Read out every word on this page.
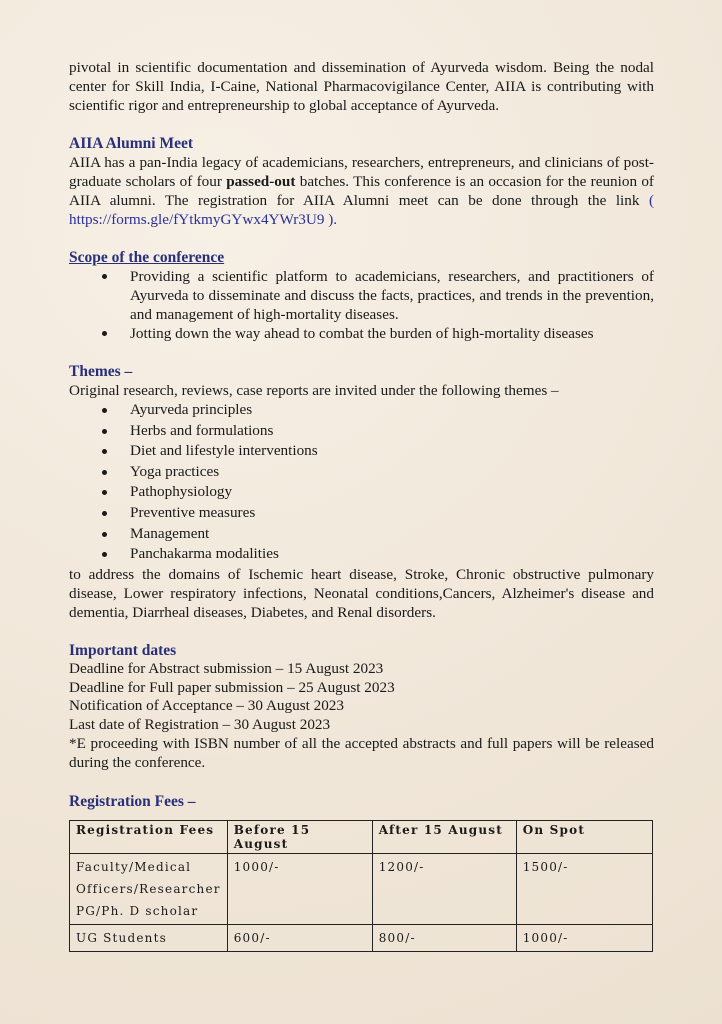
pivotal in scientific documentation and dissemination of Ayurveda wisdom. Being the nodal center for Skill India, I-Caine, National Pharmacovigilance Center, AIIA is contributing with scientific rigor and entrepreneurship to global acceptance of Ayurveda.

AIIA Alumni Meet

AIIA has a pan-India legacy of academicians, researchers, entrepreneurs, and clinicians of post-graduate scholars of four passed-out batches. This conference is an occasion for the reunion of AIIA alumni. The registration for AIIA Alumni meet can be done through the link ( https://forms.gle/fYtkmyGYwx4YWr3U9 ).

Scope of the conference
Providing a scientific platform to academicians, researchers, and practitioners of Ayurveda to disseminate and discuss the facts, practices, and trends in the prevention, and management of high-mortality diseases.
Jotting down the way ahead to combat the burden of high-mortality diseases
Themes –

Original research, reviews, case reports are invited under the following themes –

Ayurveda principles
Herbs and formulations
Diet and lifestyle interventions
Yoga practices
Pathophysiology
Preventive measures
Management
Panchakarma modalities

to address the domains of Ischemic heart disease, Stroke, Chronic obstructive pulmonary disease, Lower respiratory infections, Neonatal conditions,Cancers, Alzheimer's disease and dementia, Diarrheal diseases, Diabetes, and Renal disorders.

Important dates

Deadline for Abstract submission – 15 August 2023

Deadline for Full paper submission – 25 August 2023

Notification of Acceptance – 30 August 2023

Last date of Registration – 30 August 2023

*E proceeding with ISBN number of all the accepted abstracts and full papers will be released during the conference.

Registration Fees –
Registration Fees	Before 15 August	After 15 August	On Spot

Faculty/Medical
Officers/Researcher
PG/Ph. D scholar	1000/-	1200/-	1500/-

UG Students	600/-	800/-	1000/-
